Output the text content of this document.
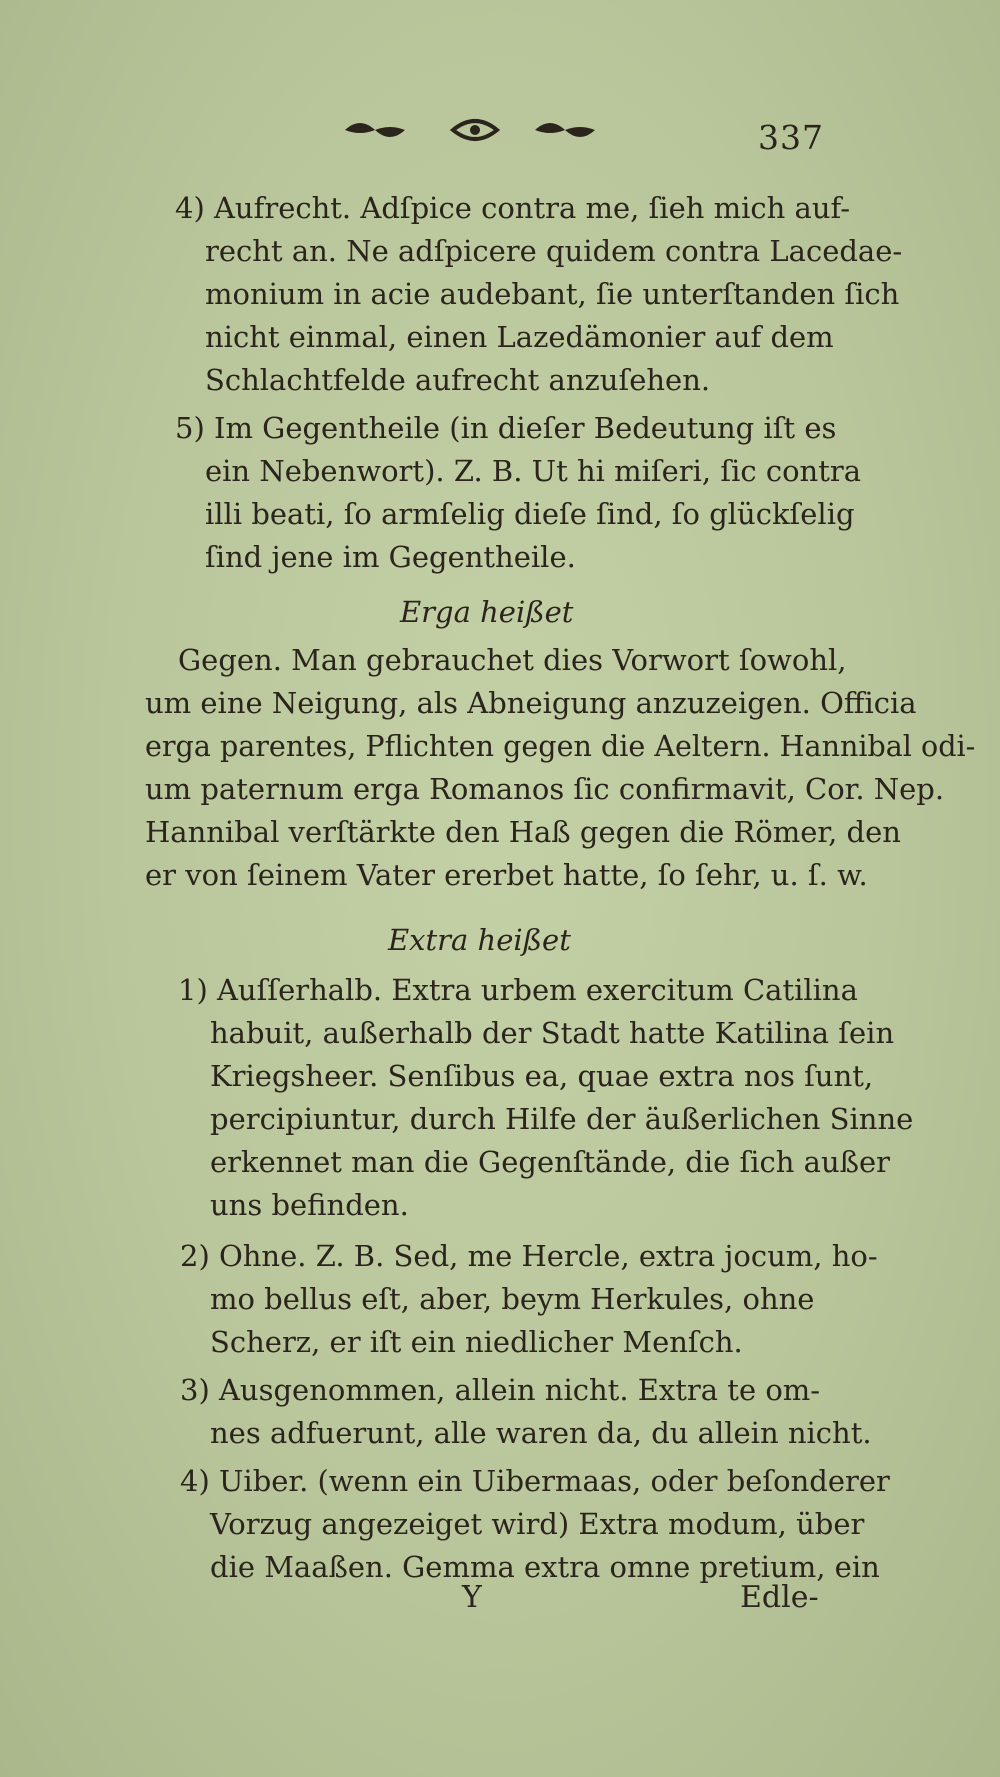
337
4) Aufrecht. Adſpice contra me, ſieh mich auf-
recht an. Ne adſpicere quidem contra Lacedae-
monium in acie audebant, ſie unterſtanden ſich
nicht einmal, einen Lazedämonier auf dem
Schlachtfelde aufrecht anzuſehen.
5) Im Gegentheile (in dieſer Bedeutung iſt es
ein Nebenwort). Z. B. Ut hi miſeri, ſic contra
illi beati, ſo armſelig dieſe ſind, ſo glückſelig
ſind jene im Gegentheile.
Erga heißet
Gegen. Man gebrauchet dies Vorwort ſowohl,
um eine Neigung, als Abneigung anzuzeigen. Officia
erga parentes, Pflichten gegen die Aeltern. Hannibal odi-
um paternum erga Romanos ſic confirmavit, Cor. Nep.
Hannibal verſtärkte den Haß gegen die Römer, den
er von ſeinem Vater ererbet hatte, ſo ſehr, u. ſ. w.
Extra heißet
1) Auſſerhalb. Extra urbem exercitum Catilina
habuit, außerhalb der Stadt hatte Katilina ſein
Kriegsheer. Senſibus ea, quae extra nos ſunt,
percipiuntur, durch Hilfe der äußerlichen Sinne
erkennet man die Gegenſtände, die ſich außer
uns befinden.
2) Ohne. Z. B. Sed, me Hercle, extra jocum, ho-
mo bellus eſt, aber, beym Herkules, ohne
Scherz, er iſt ein niedlicher Menſch.
3) Ausgenommen, allein nicht. Extra te om-
nes adfuerunt, alle waren da, du allein nicht.
4) Uiber. (wenn ein Uibermaas, oder beſonderer
Vorzug angezeiget wird) Extra modum, über
die Maaßen. Gemma extra omne pretium, ein
Y	Edle-
